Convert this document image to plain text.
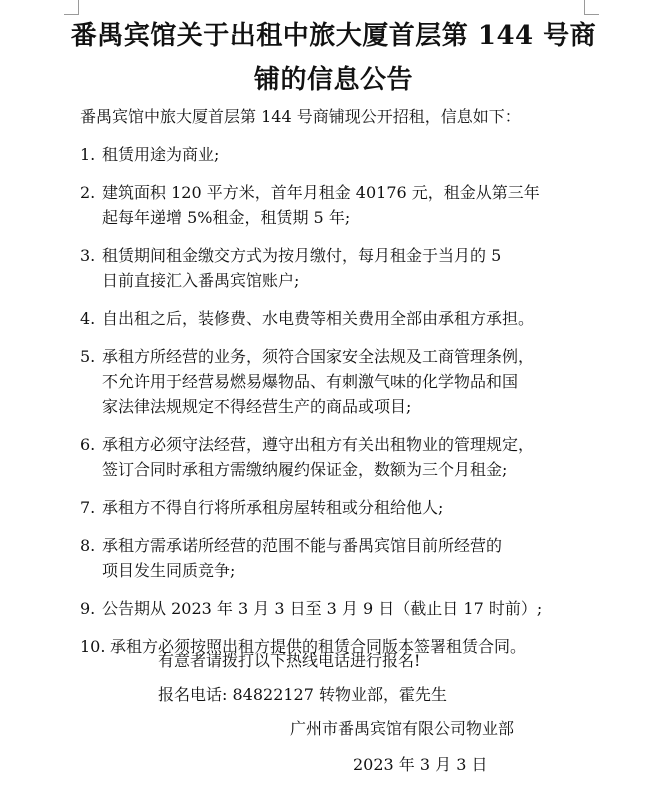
番禺宾馆关于出租中旅大厦首层第 144 号商
铺的信息公告

番禺宾馆中旅大厦首层第 144 号商铺现公开招租，信息如下：

1. 租赁用途为商业;
2. 建筑面积 120 平方米，首年月租金 40176 元，租金从第三年
起每年递增 5%租金，租赁期 5 年;
3. 租赁期间租金缴交方式为按月缴付，每月租金于当月的 5
日前直接汇入番禺宾馆账户;
4. 自出租之后，装修费、水电费等相关费用全部由承租方承担。
5. 承租方所经营的业务，须符合国家安全法规及工商管理条例，
不允许用于经营易燃易爆物品、有刺激气味的化学物品和国
家法律法规规定不得经营生产的商品或项目;
6. 承租方必须守法经营，遵守出租方有关出租物业的管理规定，
签订合同时承租方需缴纳履约保证金，数额为三个月租金;
7. 承租方不得自行将所承租房屋转租或分租给他人;
8. 承租方需承诺所经营的范围不能与番禺宾馆目前所经营的
项目发生同质竞争;
9. 公告期从 2023 年 3 月 3 日至 3 月 9 日（截止日 17 时前）;
10. 承租方必须按照出租方提供的租赁合同版本签署租赁合同。

有意者请拨打以下热线电话进行报名!

报名电话: 84822127 转物业部，霍先生

广州市番禺宾馆有限公司物业部

2023 年 3 月 3 日
